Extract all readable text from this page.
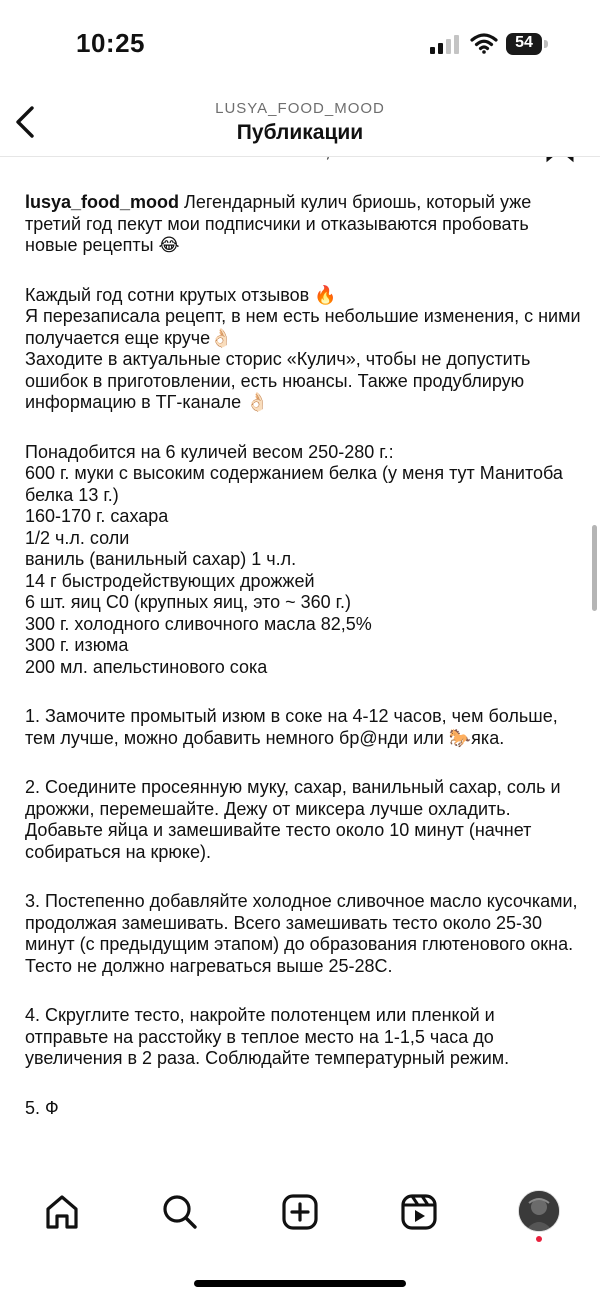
lusya_food_mood Легендарный кулич бриошь, который уже третий год пекут мои подписчики и отказываются пробовать новые рецепты 😂

Каждый год сотни крутых отзывов 🔥
Я перезаписала рецепт, в нем есть небольшие изменения, с ними получается еще круче👌🏻
Заходите в актуальные сторис «Кулич», чтобы не допустить ошибок в приготовлении, есть нюансы. Также продублирую информацию в ТГ-канале 👌🏻

Понадобится на 6 куличей весом 250-280 г.:
600 г. муки с высоким содержанием белка (у меня тут Манитоба белка 13 г.)
160-170 г. сахара
1/2 ч.л. соли
ваниль (ванильный сахар) 1 ч.л.
14 г быстродействующих дрожжей
6 шт. яиц С0 (крупных яиц, это ~ 360 г.)
300 г. холодного сливочного масла 82,5%
300 г. изюма
200 мл. апельстинового сока

1. Замочите промытый изюм в соке на 4-12 часов, чем больше, тем лучше, можно добавить немного бр@нди или 🐎яка.

2. Соедините просеянную муку, сахар, ванильный сахар, соль и дрожжи, перемешайте. Дежу от миксера лучше охладить. Добавьте яйца и замешивайте тесто около 10 минут (начнет собираться на крюке).

3. Постепенно добавляйте холодное сливочное масло кусочками, продолжая замешивать. Всего замешивать тесто около 25-30 минут (с предыдущим этапом) до образования глютенового окна. Тесто не должно нагреваться выше 25-28С.

4. Скруглите тесто, накройте полотенцем или пленкой и отправьте на расстойку в теплое место на 1-1,5 часа до увеличения в 2 раза. Соблюдайте температурный режим.

5. Ф

10:25	54
LUSYA_FOOD_MOOD
Публикации
